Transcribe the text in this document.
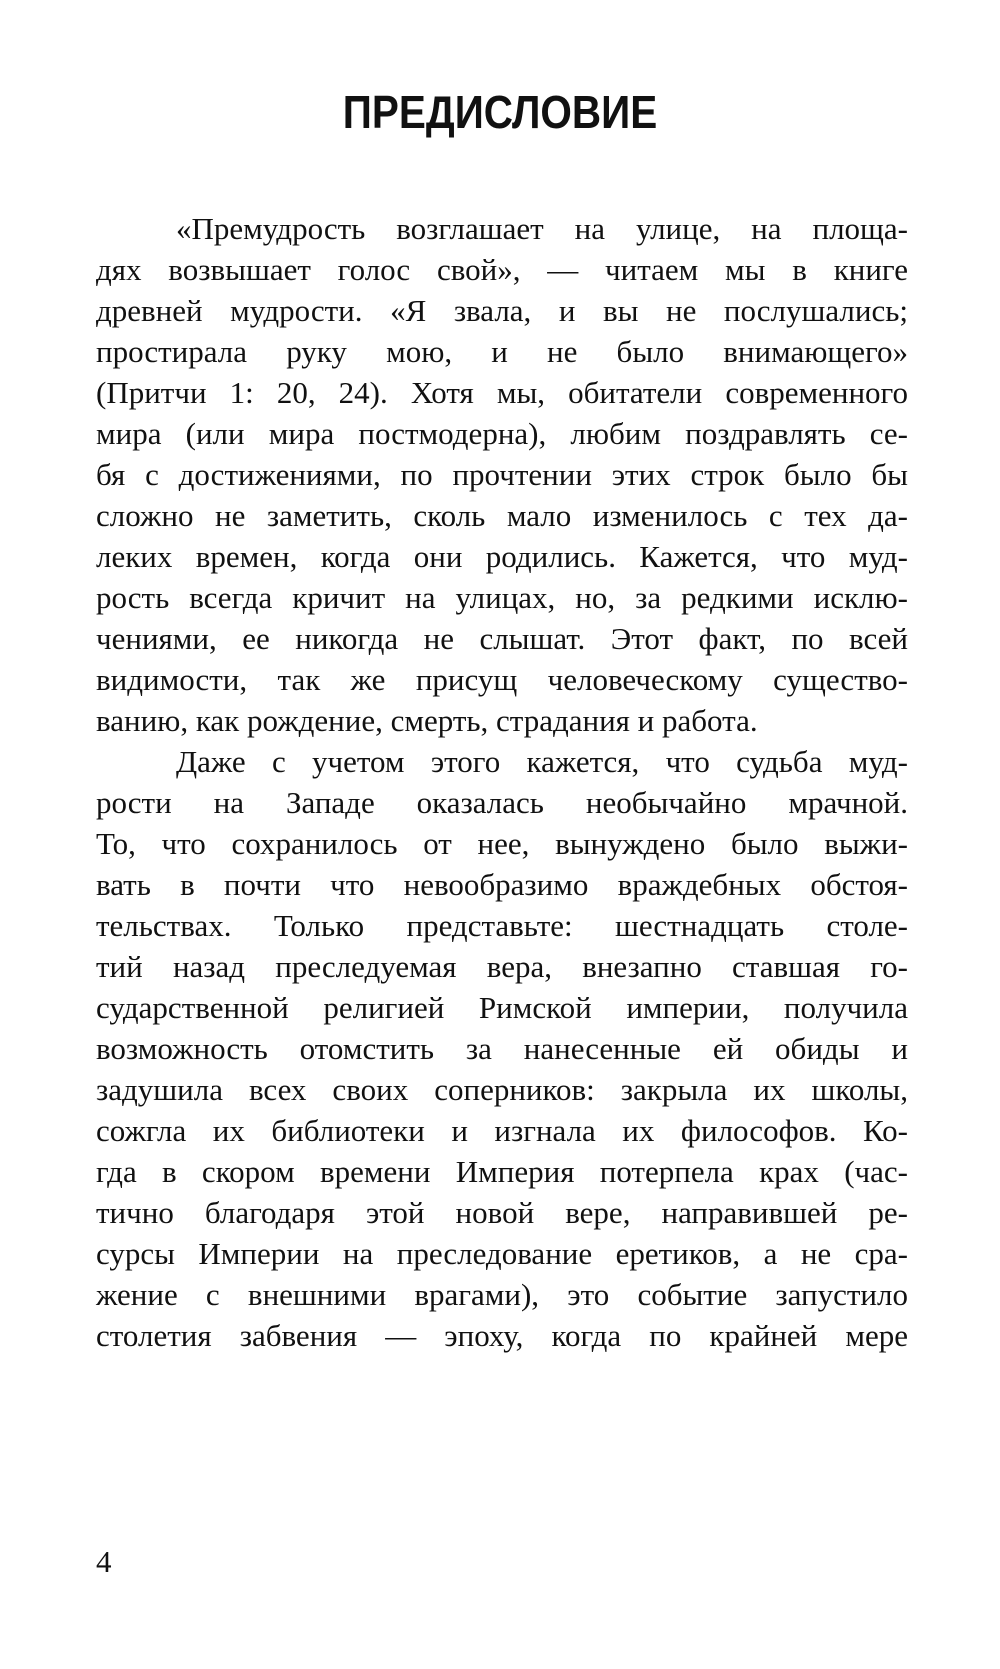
ПРЕДИСЛОВИЕ
«Премудрость возглашает на улице, на площа-
дях возвышает голос свой», — читаем мы в книге
древней мудрости. «Я звала, и вы не послушались;
простирала руку мою, и не было внимающего»
(Притчи 1: 20, 24). Хотя мы, обитатели современного
мира (или мира постмодерна), любим поздравлять се-
бя с достижениями, по прочтении этих строк было бы
сложно не заметить, сколь мало изменилось с тех да-
леких времен, когда они родились. Кажется, что муд-
рость всегда кричит на улицах, но, за редкими исклю-
чениями, ее никогда не слышат. Этот факт, по всей
видимости, так же присущ человеческому существо-
ванию, как рождение, смерть, страдания и работа.
Даже с учетом этого кажется, что судьба муд-
рости на Западе оказалась необычайно мрачной.
То, что сохранилось от нее, вынуждено было выжи-
вать в почти что невообразимо враждебных обстоя-
тельствах. Только представьте: шестнадцать столе-
тий назад преследуемая вера, внезапно ставшая го-
сударственной религией Римской империи, получила
возможность отомстить за нанесенные ей обиды и
задушила всех своих соперников: закрыла их школы,
сожгла их библиотеки и изгнала их философов. Ко-
гда в скором времени Империя потерпела крах (час-
тично благодаря этой новой вере, направившей ре-
сурсы Империи на преследование еретиков, а не сра-
жение с внешними врагами), это событие запустило
столетия забвения — эпоху, когда по крайней мере
4
